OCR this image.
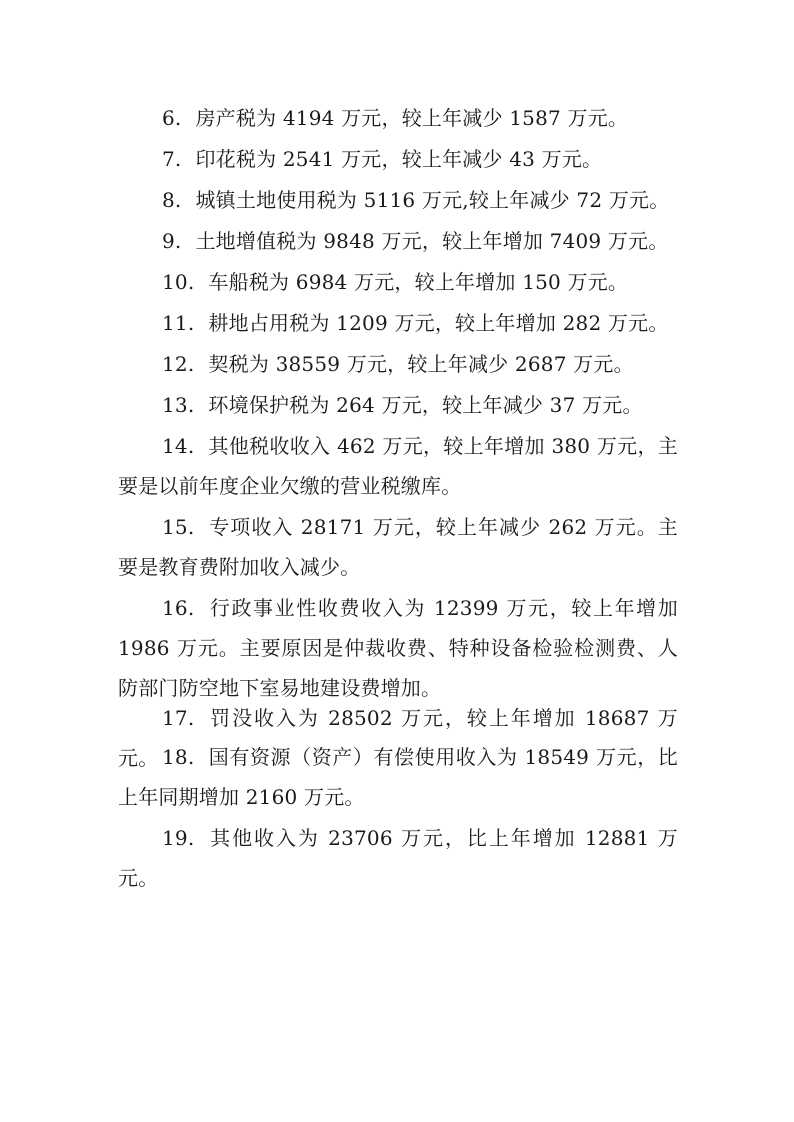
6. 房产税为 4194 万元，较上年减少 1587 万元。

7. 印花税为 2541 万元，较上年减少 43 万元。

8. 城镇土地使用税为 5116 万元,较上年减少 72 万元。

9. 土地增值税为 9848 万元，较上年增加 7409 万元。

10. 车船税为 6984 万元，较上年增加 150 万元。

11. 耕地占用税为 1209 万元，较上年增加 282 万元。

12. 契税为 38559 万元，较上年减少 2687 万元。

13. 环境保护税为 264 万元，较上年减少 37 万元。

14. 其他税收收入 462 万元，较上年增加 380 万元，主要是以前年度企业欠缴的营业税缴库。

15. 专项收入 28171 万元，较上年减少 262 万元。主要是教育费附加收入减少。

16. 行政事业性收费收入为 12399 万元，较上年增加 1986 万元。主要原因是仲裁收费、特种设备检验检测费、人防部门防空地下室易地建设费增加。

17. 罚没收入为 28502 万元，较上年增加 18687 万元。 18. 国有资源（资产）有偿使用收入为 18549 万元，比上年同期增加 2160 万元。

19. 其他收入为 23706 万元，比上年增加 12881 万元。
